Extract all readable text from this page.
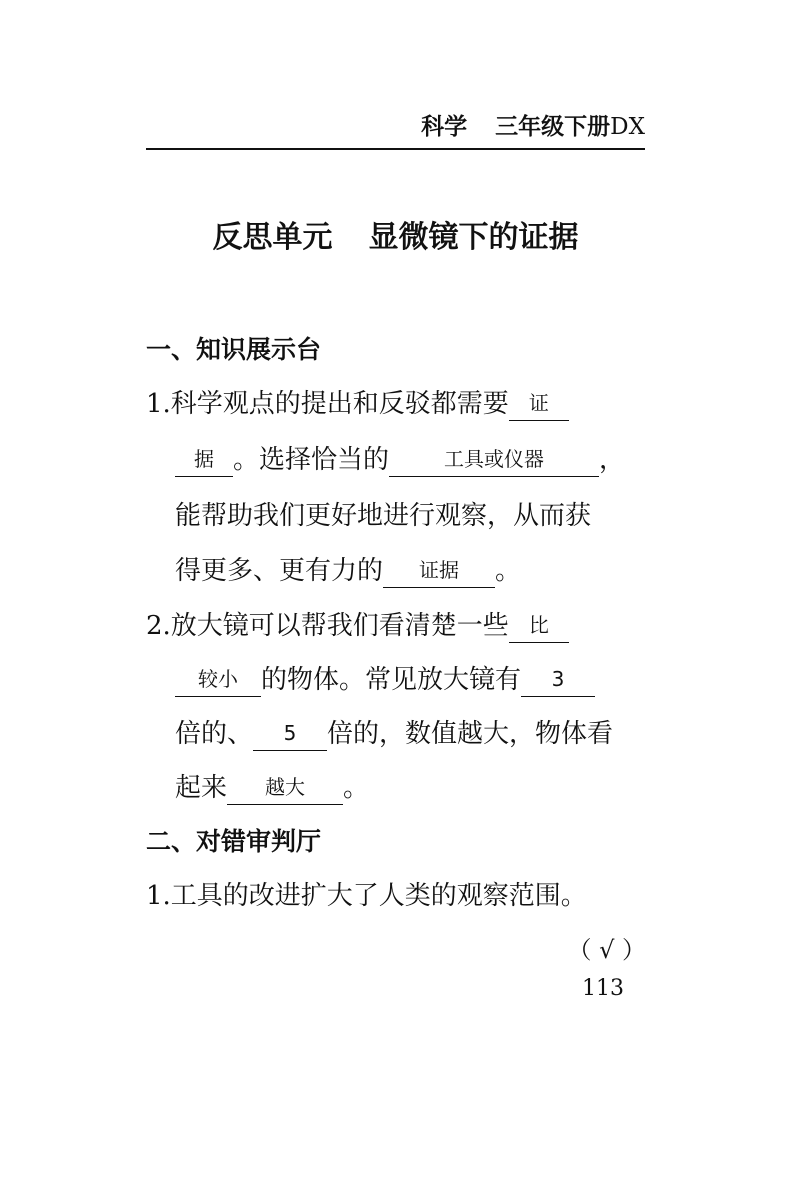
科学 三年级下册DX
反思单元 显微镜下的证据
一、知识展示台
1.科学观点的提出和反驳都需要 证
据 。选择恰当的	工具或仪器 ，
能帮助我们更好地进行观察，从而获
得更多、更有力的 证据 。
2.放大镜可以帮我们看清楚一些 比
较小 的物体。常见放大镜有 3
倍的、 5 倍的，数值越大，物体看
起来 越大 。
二、对错审判厅
1.工具的改进扩大了人类的观察范围。
（ √ ）
113
